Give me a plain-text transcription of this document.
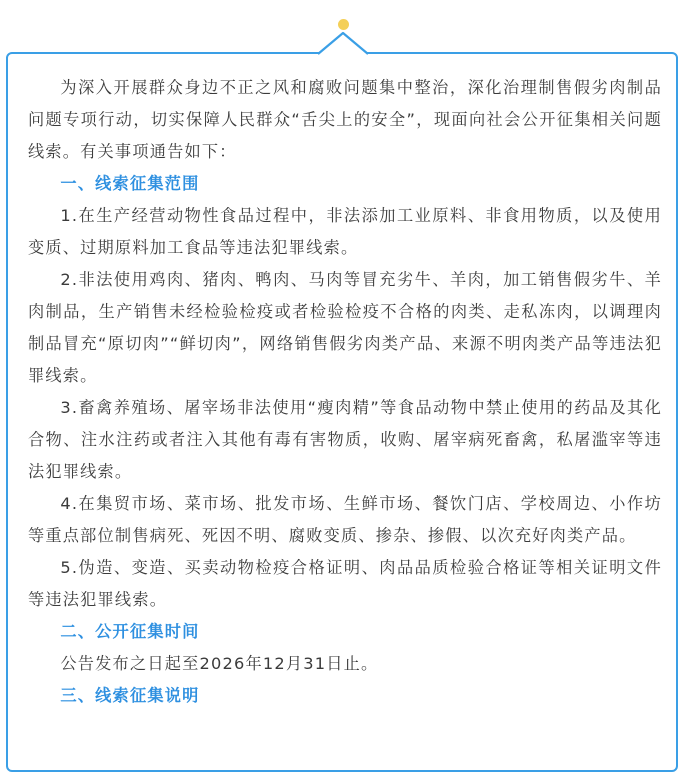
为深入开展群众身边不正之风和腐败问题集中整治，深化治理制售假劣肉制品问题专项行动，切实保障人民群众“舌尖上的安全”，现面向社会公开征集相关问题线索。有关事项通告如下：

一、线索征集范围

1.在生产经营动物性食品过程中，非法添加工业原料、非食用物质，以及使用变质、过期原料加工食品等违法犯罪线索。

2.非法使用鸡肉、猪肉、鸭肉、马肉等冒充劣牛、羊肉，加工销售假劣牛、羊肉制品，生产销售未经检验检疫或者检验检疫不合格的肉类、走私冻肉，以调理肉制品冒充“原切肉”“鲜切肉”，网络销售假劣肉类产品、来源不明肉类产品等违法犯罪线索。

3.畜禽养殖场、屠宰场非法使用“瘦肉精”等食品动物中禁止使用的药品及其化合物、注水注药或者注入其他有毒有害物质，收购、屠宰病死畜禽，私屠滥宰等违法犯罪线索。

4.在集贸市场、菜市场、批发市场、生鲜市场、餐饮门店、学校周边、小作坊等重点部位制售病死、死因不明、腐败变质、掺杂、掺假、以次充好肉类产品。

5.伪造、变造、买卖动物检疫合格证明、肉品品质检验合格证等相关证明文件等违法犯罪线索。

二、公开征集时间

公告发布之日起至2026年12月31日止。

三、线索征集说明
